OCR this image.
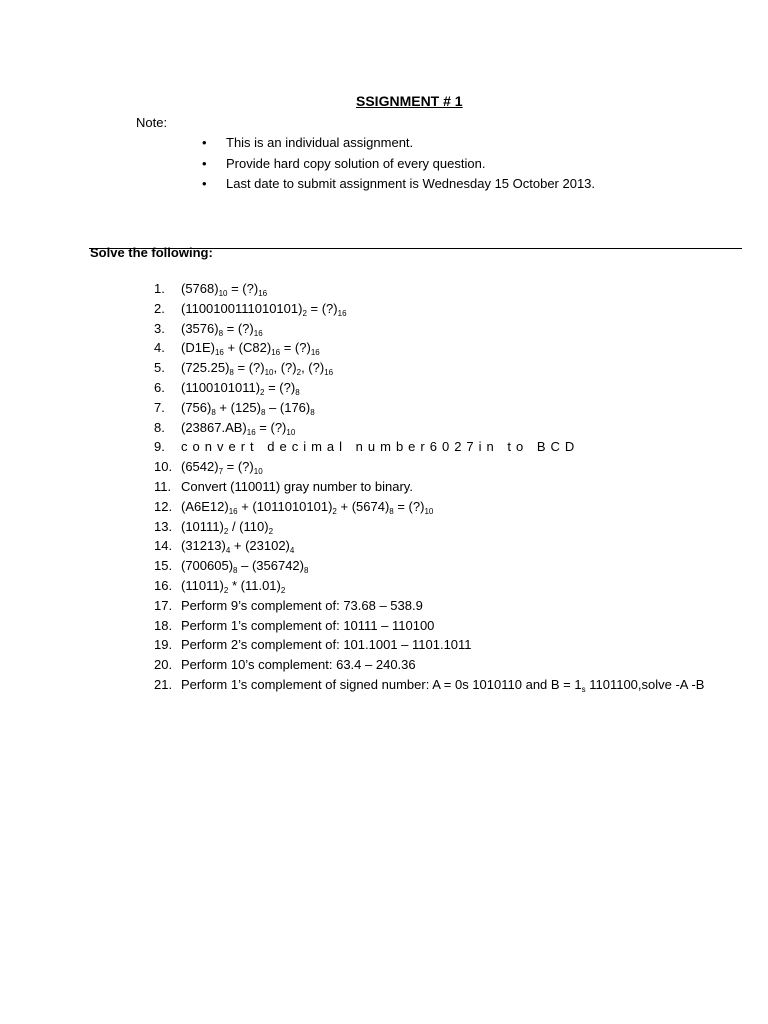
SSIGNMENT # 1
Note:
• This is an individual assignment.
• Provide hard copy solution of every question.
• Last date to submit assignment is Wednesday 15 October 2013.
Solve the following:
1. $(5768)_{10}$ = $(?)_{16}$
2. $(1100100111010101)_2$ = $(?)_{16}$
3. $(3576)_8$ = $(?)_{16}$
4. $(D1E)_{16} + (C82)_{16}$ = $(?)_{16}$
5. $(725.25)_8$ = $(?)_{10}$, $(?)_2$, $(?)_{16}$
6. $(1100101011)_2$ = $(?)_8$
7. $(756)_8 + (125)_8 - (176)_8$
8. $(23867.AB)_{16}$ = $(?)_{10}$
9. convert decimal number6027in to BCD
10. $(6542)_7$ = $(?)_{10}$
11. Convert (110011) gray number to binary.
12. $(A6E12)_{16} + (1011010101)_2 + (5674)_8$ = $(?)_{10}$
13. $(10111)_2 / (110)_2$
14. $(31213)_4 + (23102)_4$
15. $(700605)_8 - (356742)_8$
16. $(11011)_2 * (11.01)_2$
17. Perform 9’s complement of: 73.68 – 538.9
18. Perform 1’s complement of: 10111 – 110100
19. Perform 2’s complement of: 101.1001 – 1101.1011
20. Perform 10’s complement: 63.4 – 240.36
21. Perform 1’s complement of signed number: A = 0s 1010110 and $B = 1_s$ 1101100,solve -A -B
